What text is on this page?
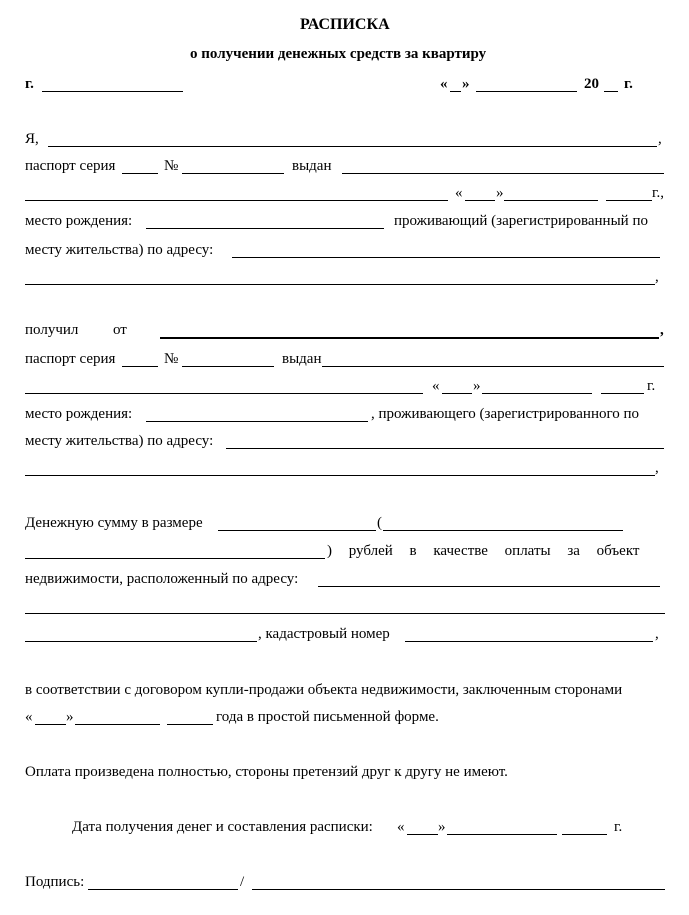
РАСПИСКА
о получении денежных средств за квартиру
г.	« »	20 г.
Я,	,
паспорт серия	№	выдан
« »	г.,
место рождения:	проживающий (зарегистрированный по
месту жительства) по адресу:
,
получил от	,
паспорт серия	№	выдан
« »	г.
место рождения:	, проживающего (зарегистрированного по
месту жительства) по адресу:
,
Денежную сумму в размере	(
) рублей в качестве оплаты за объект
недвижимости, расположенный по адресу:
, кадастровый номер	,
в соответствии с договором купли-продажи объекта недвижимости, заключенным сторонами
« »	года в простой письменной форме.
Оплата произведена полностью, стороны претензий друг к другу не имеют.
Дата получения денег и составления расписки: « »	г.
Подпись:	/
